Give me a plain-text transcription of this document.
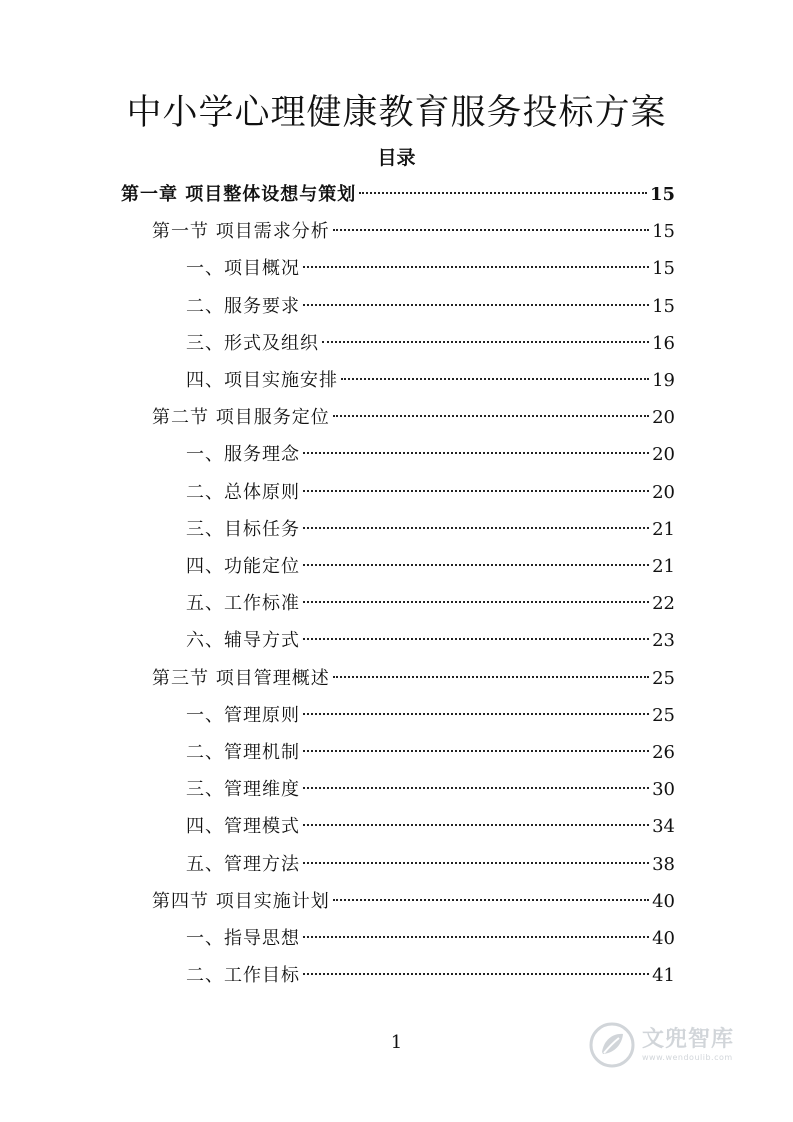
中小学心理健康教育服务投标方案
目录
第一章 项目整体设想与策划	15
第一节 项目需求分析	15
一、项目概况	15
二、服务要求	15
三、形式及组织	16
四、项目实施安排	19
第二节 项目服务定位	20
一、服务理念	20
二、总体原则	20
三、目标任务	21
四、功能定位	21
五、工作标准	22
六、辅导方式	23
第三节 项目管理概述	25
一、管理原则	25
二、管理机制	26
三、管理维度	30
四、管理模式	34
五、管理方法	38
第四节 项目实施计划	40
一、指导思想	40
二、工作目标	41
1	文兜智库
www.wendoulib.com
